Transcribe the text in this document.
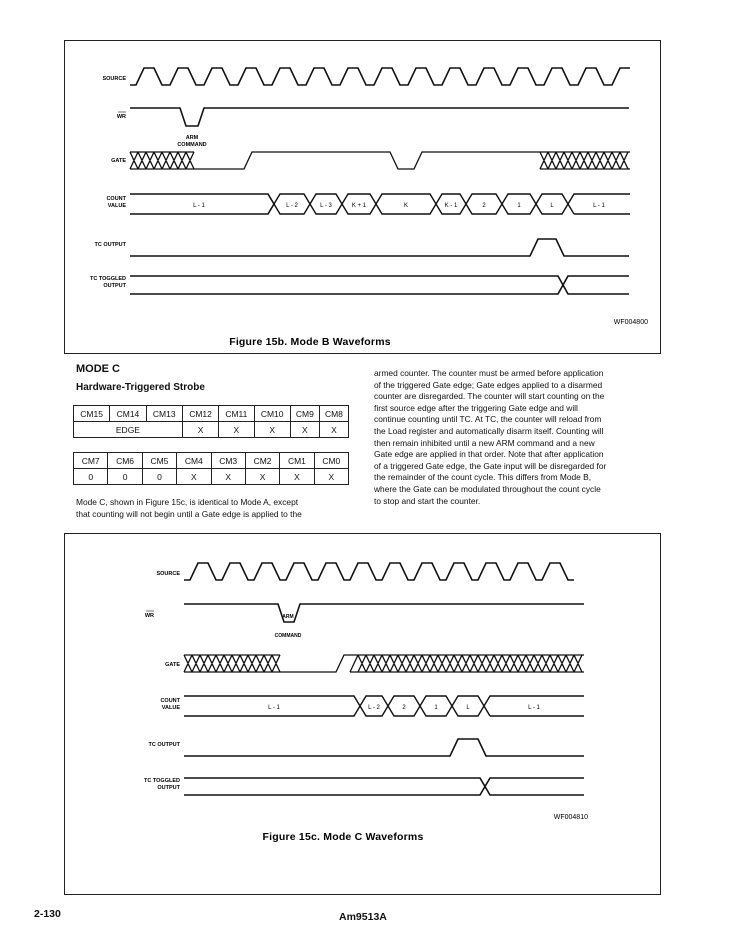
SOURCE
WR
GATE
COUNT
VALUE
TC OUTPUT
TC TOGGLED
OUTPUT
ARM
COMMAND
L - 1	L - 2	L - 3	K + 1	K	K - 1	2	1	L	L - 1
WF004800
Figure 15b. Mode B Waveforms
MODE C
Hardware-Triggered Strobe
CM15	CM14	CM13	CM12	CM11	CM10	CM9	CM8
EDGE			X	X	X	X	X
CM7	CM6	CM5	CM4	CM3	CM2	CM1	CM0
0	0	0	X	X	X	X	X
Mode C, shown in Figure 15c, is identical to Mode A, except
that counting will not begin until a Gate edge is applied to the
armed counter. The counter must be armed before application
of the triggered Gate edge; Gate edges applied to a disarmed
counter are disregarded. The counter will start counting on the
first source edge after the triggering Gate edge and will
continue counting until TC. At TC, the counter will reload from
the Load register and automatically disarm itself. Counting will
then remain inhibited until a new ARM command and a new
Gate edge are applied in that order. Note that after application
of a triggered Gate edge, the Gate input will be disregarded for
the remainder of the count cycle. This differs from Mode B,
where the Gate can be modulated throughout the count cycle
to stop and start the counter.
SOURCE
WR
GATE
COUNT
VALUE
TC OUTPUT
TC TOGGLED
OUTPUT
ARM
COMMAND
L - 1	L - 2	2	1	L	L - 1
WF004810
Figure 15c. Mode C Waveforms
2-130	Am9513A
